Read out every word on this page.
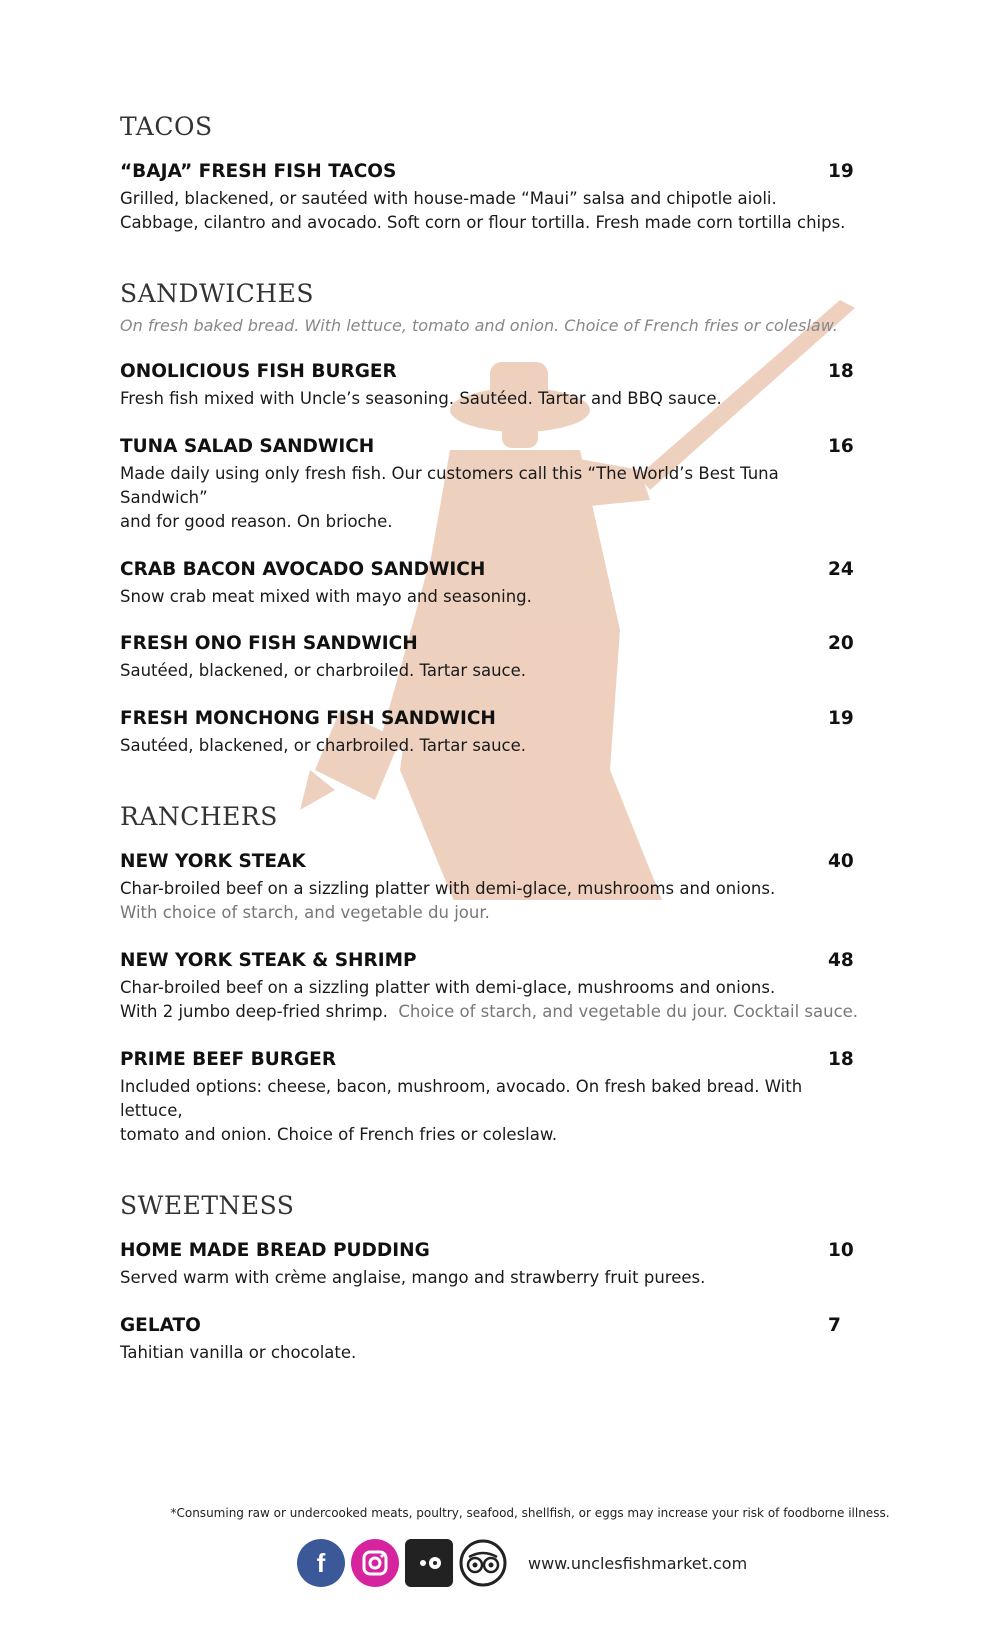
TACOS
“BAJA” FRESH FISH TACOS	19
Grilled, blackened, or sautéed with house-made “Maui” salsa and chipotle aioli.
Cabbage, cilantro and avocado. Soft corn or flour tortilla. Fresh made corn tortilla chips.
SANDWICHES
On fresh baked bread. With lettuce, tomato and onion. Choice of French fries or coleslaw.
ONOLICIOUS FISH BURGER	18
Fresh fish mixed with Uncle’s seasoning. Sautéed. Tartar and BBQ sauce.
TUNA SALAD SANDWICH	16
Made daily using only fresh fish. Our customers call this “The World’s Best Tuna Sandwich”
and for good reason. On brioche.
CRAB BACON AVOCADO SANDWICH	24
Snow crab meat mixed with mayo and seasoning.
FRESH ONO FISH SANDWICH	20
Sautéed, blackened, or charbroiled. Tartar sauce.
FRESH MONCHONG FISH SANDWICH	19
Sautéed, blackened, or charbroiled. Tartar sauce.
RANCHERS
NEW YORK STEAK	40
Char-broiled beef on a sizzling platter with demi-glace, mushrooms and onions.
With choice of starch, and vegetable du jour.
NEW YORK STEAK & SHRIMP	48
Char-broiled beef on a sizzling platter with demi-glace, mushrooms and onions.
With 2 jumbo deep-fried shrimp. Choice of starch, and vegetable du jour. Cocktail sauce.
PRIME BEEF BURGER	18
Included options: cheese, bacon, mushroom, avocado. On fresh baked bread. With lettuce,
tomato and onion. Choice of French fries or coleslaw.
SWEETNESS
HOME MADE BREAD PUDDING	10
Served warm with crème anglaise, mango and strawberry fruit purees.
GELATO	7
Tahitian vanilla or chocolate.
*Consuming raw or undercooked meats, poultry, seafood, shellfish, or eggs may increase your risk of foodborne illness.
f	www.unclesfishmarket.com
